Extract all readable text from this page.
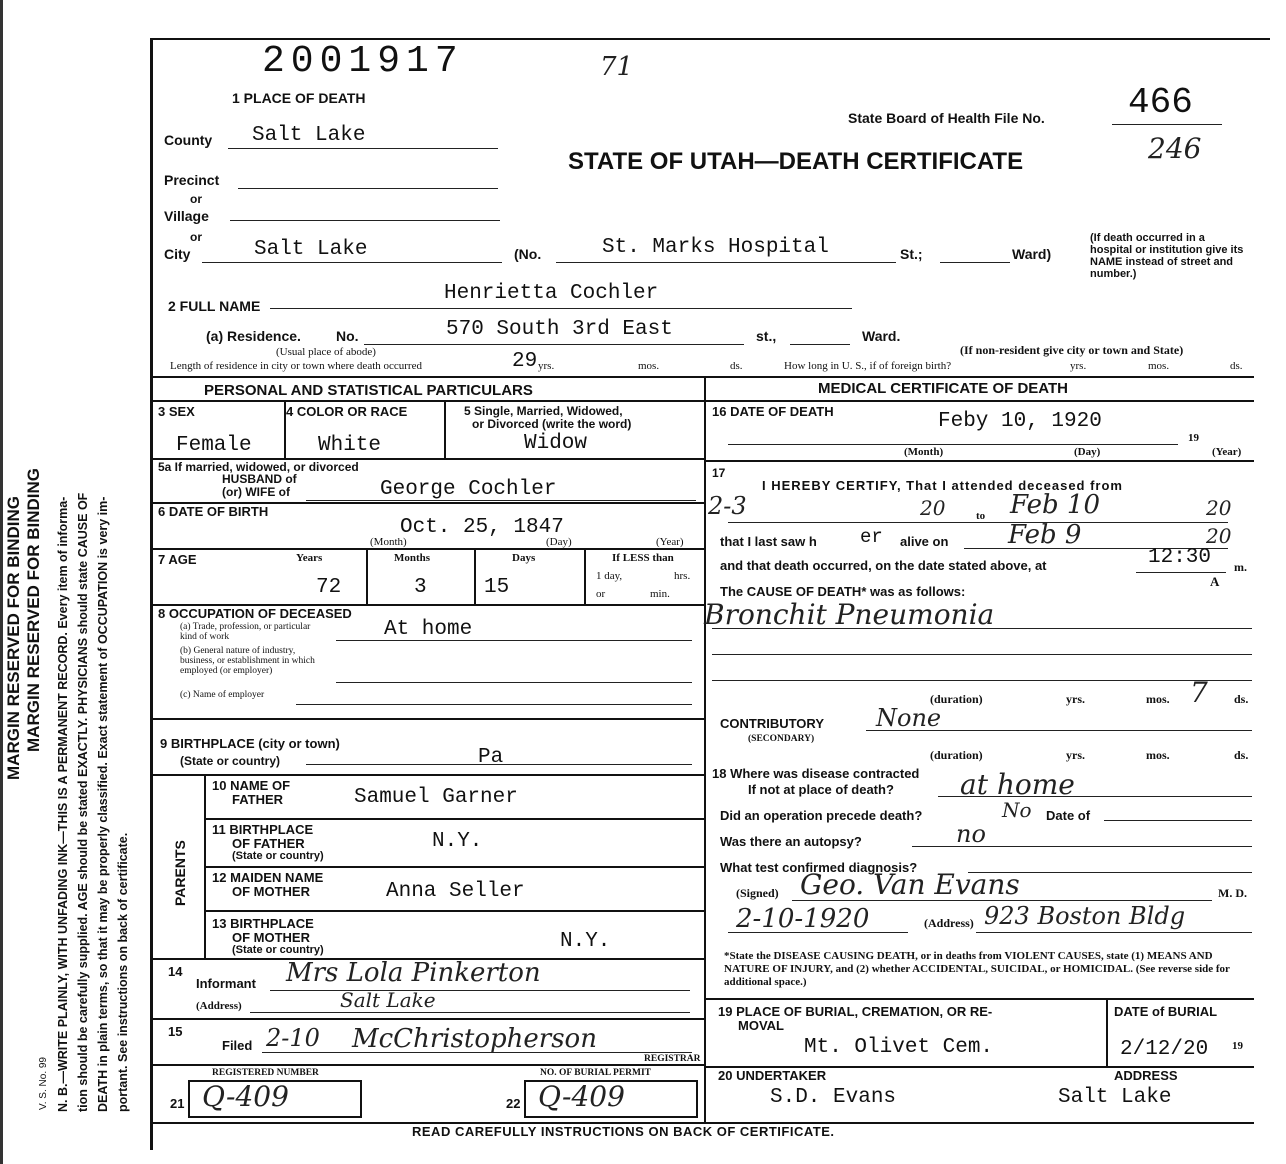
MARGIN RESERVED FOR BINDING MARGIN RESERVED FOR BINDING N. B.—WRITE PLAINLY, WITH UNFADING INK—THIS IS A PERMANENT RECORD. Every item of informa- tion should be carefully supplied. AGE should be stated EXACTLY. PHYSICIANS should state CAUSE OF DEATH in plain terms, so that it may be properly classified. Exact statement of OCCUPATION is very im- portant. See instructions on back of certificate.
V. S. No. 99
2001917	71
1 PLACE OF DEATH
State Board of Health File No. 466
246
STATE OF UTAH—DEATH CERTIFICATE
County Salt Lake
Precinct
or
Village
or
City	Salt Lake	(No.	St. Marks Hospital	St.;	Ward)
(If death occurred in a hospital or institution give its NAME instead of street and number.)
2 FULL NAME
Henrietta Cochler
(a) Residence.	No.	570 South 3rd East	st.,	Ward.
(Usual place of abode)	(If non-resident give city or town and State)
Length of residence in city or town where death occurred	29 yrs.	mos.	ds.	How long in U. S., if of foreign birth?	yrs.	mos.	ds.
PERSONAL AND STATISTICAL PARTICULARS	MEDICAL CERTIFICATE OF DEATH
3 SEX
Female
4 COLOR OR RACE
White
5 Single, Married, Widowed,
or Divorced (write the word)
Widow
5a If married, widowed, or divorced
HUSBAND of
(or) WIFE of	George Cochler
6 DATE OF BIRTH
Oct. 25, 1847
(Month)	(Day)	(Year)
7 AGE	Years	Months	Days	If LESS than
1 day,	hrs.
or	min.
72	3	15
8 OCCUPATION OF DECEASED
(a) Trade, profession, or particular kind of work
(b) General nature of industry, business, or establishment in which employed (or employer)
(c) Name of employer
At home
9 BIRTHPLACE (city or town)
(State or country)	Pa
PARENTS
10 NAME OF
FATHER	Samuel Garner
11 BIRTHPLACE
OF FATHER
(State or country)
N.Y.
12 MAIDEN NAME
OF MOTHER	Anna Seller
13 BIRTHPLACE
OF MOTHER
(State or country)	N.Y.
14
Informant Mrs Lola Pinkerton
(Address)	Salt Lake
15
Filed 2-10 McChristopherson
REGISTRAR
REGISTERED NUMBER	NO. OF BURIAL PERMIT
21 Q-409	22 Q-409
16 DATE OF DEATH	Feby 10, 1920
19
(Month)	(Day)	(Year)
17
I HEREBY CERTIFY, That I attended deceased from
2-3	20	to Feb 10	20
that I last saw h er alive on Feb 9	20
and that death occurred, on the date stated above, at	12:30
A
m.
The CAUSE OF DEATH* was as follows:
Bronchit Pneumonia
(duration)	yrs.	mos. 7 ds.
CONTRIBUTORY
(SECONDARY)
None
(duration)	yrs.	mos.	ds.
18 Where was disease contracted
If not at place of death? at home
Did an operation precede death?	No Date of
Was there an autopsy?	no
What test confirmed diagnosis?
(Signed) Geo. Van Evans	M. D.
2-10-1920	(Address) 923 Boston Bldg
*State the DISEASE CAUSING DEATH, or in deaths from VIOLENT CAUSES, state (1) MEANS AND NATURE OF INJURY, and (2) whether ACCIDENTAL, SUICIDAL, or HOMICIDAL. (See reverse side for additional space.)
19 PLACE OF BURIAL, CREMATION, OR RE-
MOVAL
Mt. Olivet Cem.
DATE of BURIAL
2/12/20 19
20 UNDERTAKER	ADDRESS
S.D. Evans	Salt Lake
READ CAREFULLY INSTRUCTIONS ON BACK OF CERTIFICATE.
